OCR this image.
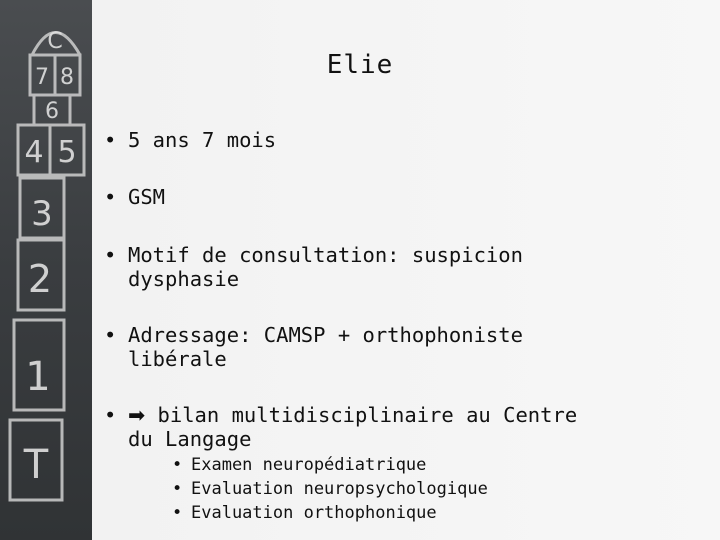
C
7 8
6
4 5
3
2
1
T
Elie
• 5 ans 7 mois
• GSM
• Motif de consultation: suspicion
dysphasie
• Adressage: CAMSP + orthophoniste
libérale
• ➡ bilan multidisciplinaire au Centre
du Langage
• Examen neuropédiatrique
• Evaluation neuropsychologique
• Evaluation orthophonique
